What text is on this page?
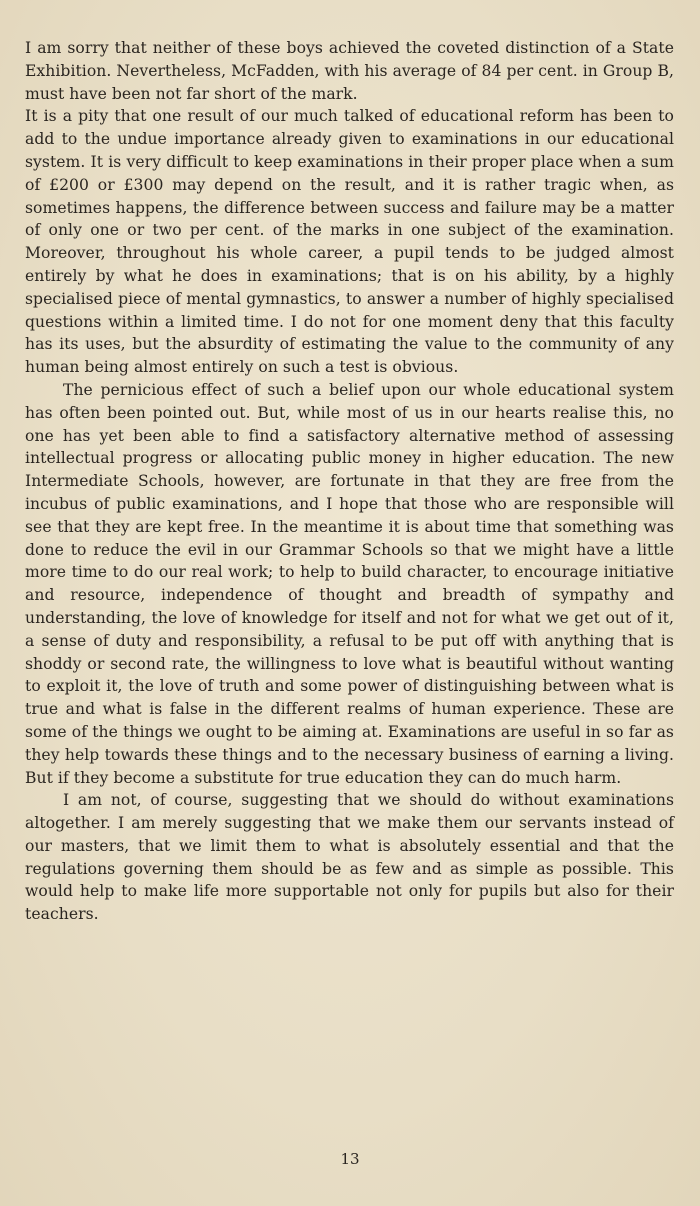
I am sorry that neither of these boys achieved the coveted distinction of a State Exhibition. Nevertheless, McFadden, with his average of 84 per cent. in Group B, must have been not far short of the mark.

It is a pity that one result of our much talked of educational reform has been to add to the undue importance already given to examinations in our educational system. It is very difficult to keep examinations in their proper place when a sum of £200 or £300 may depend on the result, and it is rather tragic when, as sometimes happens, the difference between success and failure may be a matter of only one or two per cent. of the marks in one subject of the examination. Moreover, throughout his whole career, a pupil tends to be judged almost entirely by what he does in examinations; that is on his ability, by a highly specialised piece of mental gymnastics, to answer a number of highly specialised questions within a limited time. I do not for one moment deny that this faculty has its uses, but the absurdity of estimating the value to the community of any human being almost entirely on such a test is obvious.

The pernicious effect of such a belief upon our whole educational system has often been pointed out. But, while most of us in our hearts realise this, no one has yet been able to find a satisfactory alternative method of assessing intellectual progress or allocating public money in higher education. The new Intermediate Schools, however, are fortunate in that they are free from the incubus of public examinations, and I hope that those who are responsible will see that they are kept free. In the meantime it is about time that something was done to reduce the evil in our Grammar Schools so that we might have a little more time to do our real work; to help to build character, to encourage initiative and resource, independence of thought and breadth of sympathy and understanding, the love of knowledge for itself and not for what we get out of it, a sense of duty and responsibility, a refusal to be put off with anything that is shoddy or second rate, the willingness to love what is beautiful without wanting to exploit it, the love of truth and some power of distinguishing between what is true and what is false in the different realms of human experience. These are some of the things we ought to be aiming at. Examinations are useful in so far as they help towards these things and to the necessary business of earning a living. But if they become a substitute for true education they can do much harm.

I am not, of course, suggesting that we should do without examinations altogether. I am merely suggesting that we make them our servants instead of our masters, that we limit them to what is absolutely essential and that the regulations governing them should be as few and as simple as possible. This would help to make life more supportable not only for pupils but also for their teachers.

13
